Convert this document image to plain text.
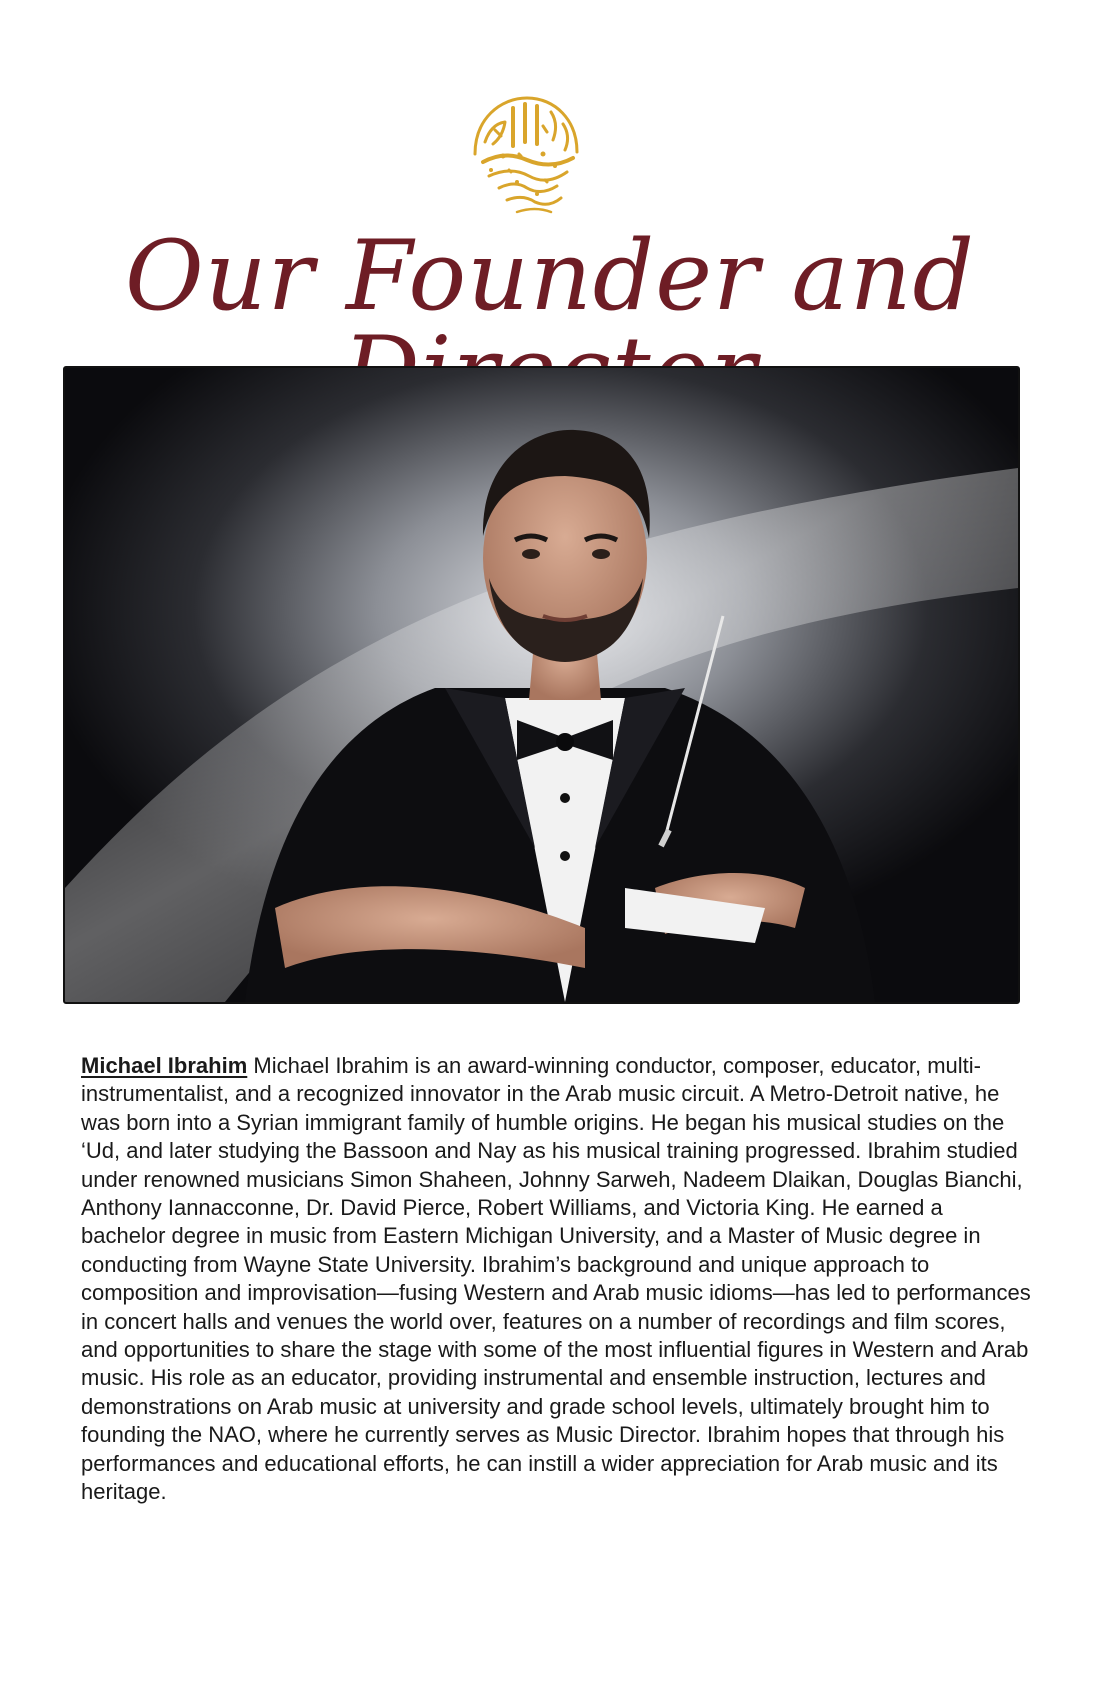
Our Founder and

Michael Ibrahim Michael Ibrahim is an award-winning conductor, composer, educator, multi-instrumentalist, and a recognized innovator in the Arab music circuit. A Metro-Detroit native, he was born into a Syrian immigrant family of humble origins. He began his musical studies on the ‘Ud, and later studying the Bassoon and Nay as his musical training progressed. Ibrahim studied under renowned musicians Simon Shaheen, Johnny Sarweh, Nadeem Dlaikan, Douglas Bianchi, Anthony Iannacconne, Dr. David Pierce, Robert Williams, and Victoria King. He earned a bachelor degree in music from Eastern Michigan University, and a Master of Music degree in conducting from Wayne State University. Ibrahim’s background and unique approach to composition and improvisation—fusing Western and Arab music idioms—has led to performances in concert halls and venues the world over, features on a number of recordings and film scores, and opportunities to share the stage with some of the most influential figures in Western and Arab music. His role as an educator, providing instrumental and ensemble instruction, lectures and demonstrations on Arab music at university and grade school levels, ultimately brought him to founding the NAO, where he currently serves as Music Director. Ibrahim hopes that through his performances and educational efforts, he can instill a wider appreciation for Arab music and its heritage.
